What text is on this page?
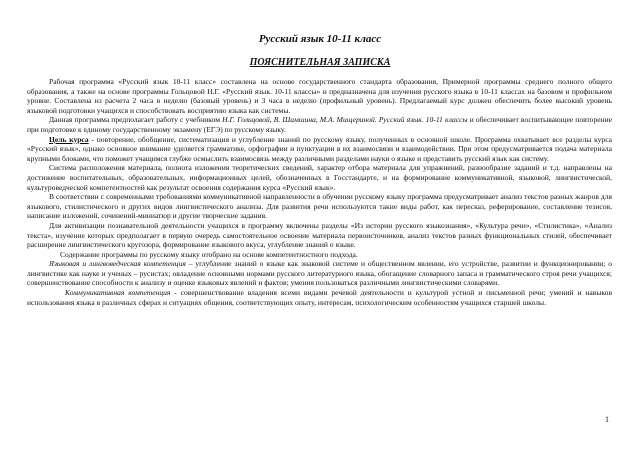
Русский язык 10-11 класс
ПОЯСНИТЕЛЬНАЯ ЗАПИСКА

Рабочая программа «Русский язык 10-11 класс» составлена на основе государственного стандарта образования, Примерной программы среднего полного общего образования, а также на основе программы Гольцовой Н.Г. «Русский язык. 10-11 классы» и предназначена для изучения русского языка в 10-11 классах на базовом и профильном уровне. Составлена из расчета 2 часа в неделю (базовый уровень) и 3 часа в неделю (профильный уровень). Предлагаемый курс должен обеспечить более высокий уровень языковой подготовки учащихся и способствовать восприятию языка как системы.

Данная программа предполагает работу с учебником Н.Г. Гольцовой, В. Шамшина, М.А. Мищериной. Русский язык. 10-11 классы и обеспечивает воспитывающее повторение при подготовке к единому государственному экзамену (ЕГЭ) по русскому языку.

Цель курса - повторение, обобщение, систематизация и углубление знаний по русскому языку, полученных в основной школе. Программа охватывает все разделы курса «Русский язык», однако основное внимание уделяется грамматике, орфографии и пунктуации в их взаимосвязи и взаимодействии. При этом предусматривается подача материала крупными блоками, что поможет учащимся глубже осмыслить взаимосвязь между различными разделами науки о языке и представить русский язык как систему.

Система расположения материала, полнота изложения теоретических сведений, характер отбора материала для упражнений, разнообразие заданий и т.д. направлены на достижение воспитательных, образовательных, информационных целей, обозначенных в Госстандарте, и на формирование коммуникативной, языковой, лингвистической, культуроведческой компетентностей как результат освоения содержания курса «Русский язык».

В соответствии с современными требованиями коммуникативной направленности в обучении русскому языку программа предусматривает анализ текстов разных жанров для языкового, стилистического и других видов лингвистического анализа. Для развития речи используются такие виды работ, как пересказ, реферирование, составление тезисов, написание изложений, сочинений-миниатюр и другие творческие задания.

Для активизации познавательной деятельности учащихся в программу включены разделы «Из истории русского языкознания», «Культура речи», «Стилистика», «Анализ текста», изучение которых предполагает в первую очередь самостоятельное освоение материала первоисточников, анализ текстов разных функциональных стилей, обеспечивает расширение лингвистического кругозора, формирование языкового вкуса, углубление знаний о языке.

Содержание программы по русскому языку отобрано на основе компетентностного подхода.

Языковая и лингвоведческая компетенция – углубление знаний о языке как знаковой системе и общественном явлении, его устройстве, развитии и функционировании; о лингвистике как науке и ученых – русистах; овладение основными нормами русского литературного языка, обогащение словарного запаса и грамматического строя речи учащихся; совершенствование способности к анализу и оценке языковых явлений и фактов; умения пользоваться различными лингвистическими словарями.

Коммуникативная компетенция - совершенствование владения всеми видами речевой деятельности и культурой устной и письменной речи; умений и навыков использования языка в различных сферах и ситуациях общения, соответствующих опыту, интересам, психологическим особенностям учащихся старшей школы.

1
